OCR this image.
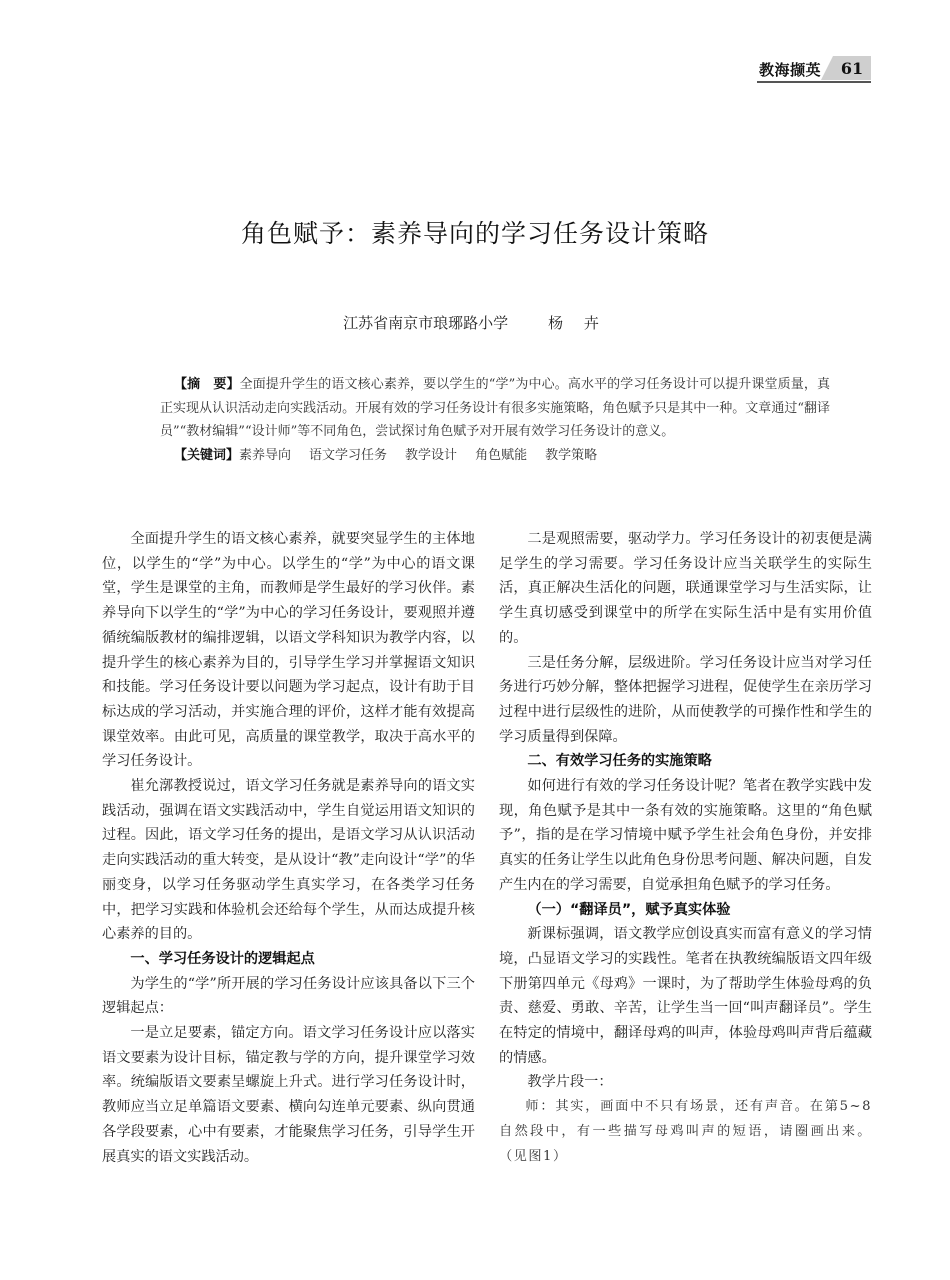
教海撷英	61
角色赋予：素养导向的学习任务设计策略
江苏省南京市琅琊路小学	杨 卉
【摘　要】全面提升学生的语文核心素养，要以学生的“学”为中心。高水平的学习任务设计可以提升课堂质量，真正实现从认识活动走向实践活动。开展有效的学习任务设计有很多实施策略，角色赋予只是其中一种。文章通过“翻译员”“教材编辑”“设计师”等不同角色，尝试探讨角色赋予对开展有效学习任务设计的意义。
【关键词】素养导向 语文学习任务 教学设计 角色赋能 教学策略

全面提升学生的语文核心素养，就要突显学生的主体地位，以学生的“学”为中心。以学生的“学”为中心的语文课堂，学生是课堂的主角，而教师是学生最好的学习伙伴。素养导向下以学生的“学”为中心的学习任务设计，要观照并遵循统编版教材的编排逻辑，以语文学科知识为教学内容，以提升学生的核心素养为目的，引导学生学习并掌握语文知识和技能。学习任务设计要以问题为学习起点，设计有助于目标达成的学习活动，并实施合理的评价，这样才能有效提高课堂效率。由此可见，高质量的课堂教学，取决于高水平的学习任务设计。

崔允漷教授说过，语文学习任务就是素养导向的语文实践活动，强调在语文实践活动中，学生自觉运用语文知识的过程。因此，语文学习任务的提出，是语文学习从认识活动走向实践活动的重大转变，是从设计“教”走向设计“学”的华丽变身，以学习任务驱动学生真实学习，在各类学习任务中，把学习实践和体验机会还给每个学生，从而达成提升核心素养的目的。

一、学习任务设计的逻辑起点

为学生的“学”所开展的学习任务设计应该具备以下三个逻辑起点：

一是立足要素，锚定方向。语文学习任务设计应以落实语文要素为设计目标，锚定教与学的方向，提升课堂学习效率。统编版语文要素呈螺旋上升式。进行学习任务设计时，教师应当立足单篇语文要素、横向勾连单元要素、纵向贯通各学段要素，心中有要素，才能聚焦学习任务，引导学生开展真实的语文实践活动。

二是观照需要，驱动学力。学习任务设计的初衷便是满足学生的学习需要。学习任务设计应当关联学生的实际生活，真正解决生活化的问题，联通课堂学习与生活实际，让学生真切感受到课堂中的所学在实际生活中是有实用价值的。

三是任务分解，层级进阶。学习任务设计应当对学习任务进行巧妙分解，整体把握学习进程，促使学生在亲历学习过程中进行层级性的进阶，从而使教学的可操作性和学生的学习质量得到保障。

二、有效学习任务的实施策略

如何进行有效的学习任务设计呢？笔者在教学实践中发现，角色赋予是其中一条有效的实施策略。这里的“角色赋予”，指的是在学习情境中赋予学生社会角色身份，并安排真实的任务让学生以此角色身份思考问题、解决问题，自发产生内在的学习需要，自觉承担角色赋予的学习任务。

（一）“翻译员”，赋予真实体验

新课标强调，语文教学应创设真实而富有意义的学习情境，凸显语文学习的实践性。笔者在执教统编版语文四年级下册第四单元《母鸡》一课时，为了帮助学生体验母鸡的负责、慈爱、勇敢、辛苦，让学生当一回“叫声翻译员”。学生在特定的情境中，翻译母鸡的叫声，体验母鸡叫声背后蕴藏的情感。

教学片段一：

师：其实，画面中不只有场景，还有声音。在第5~8自然段中，有一些描写母鸡叫声的短语，请圈画出来。（见图1）
